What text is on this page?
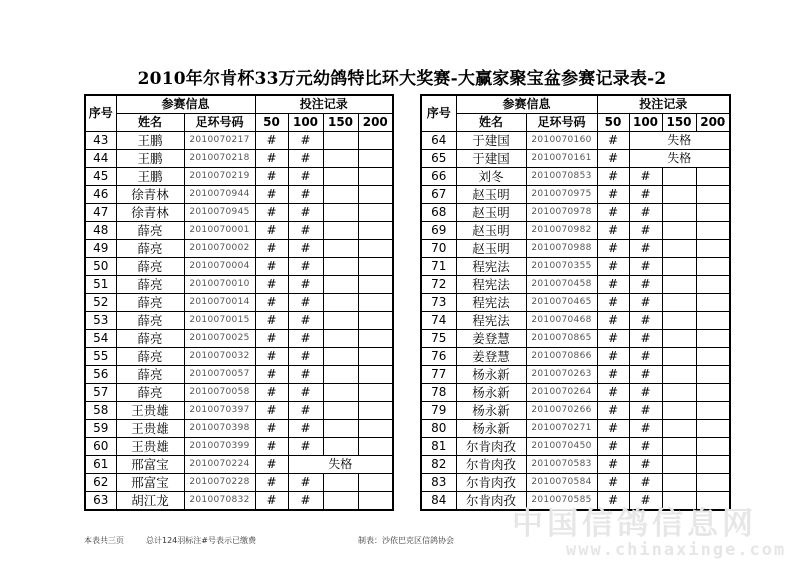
2010年尔肯杯33万元幼鸽特比环大奖赛-大赢家聚宝盆参赛记录表-2
序号	参赛信息		投注记录			
	姓名	足环号码	50	100	150	200
43	王鹏	2010070217	#	#		
44	王鹏	2010070218	#	#		
45	王鹏	2010070219	#	#		
46	徐青林	2010070944	#	#		
47	徐青林	2010070945	#	#		
48	薛亮	2010070001	#	#		
49	薛亮	2010070002	#	#		
50	薛亮	2010070004	#	#		
51	薛亮	2010070010	#	#		
52	薛亮	2010070014	#	#		
53	薛亮	2010070015	#	#		
54	薛亮	2010070025	#	#		
55	薛亮	2010070032	#	#		
56	薛亮	2010070057	#	#		
57	薛亮	2010070058	#	#		
58	王贵雄	2010070397	#	#		
59	王贵雄	2010070398	#	#		
60	王贵雄	2010070399	#	#		
61	邢富宝	2010070224	#	失格		
62	邢富宝	2010070228	#	#		
63	胡江龙	2010070832	#	#		
序号	参赛信息		投注记录			
	姓名	足环号码	50	100	150	200
64	于建国	2010070160	#	失格		
65	于建国	2010070161	#	失格		
66	刘冬	2010070853	#	#		
67	赵玉明	2010070975	#	#		
68	赵玉明	2010070978	#	#		
69	赵玉明	2010070982	#	#		
70	赵玉明	2010070988	#	#		
71	程宪法	2010070355	#	#		
72	程宪法	2010070458	#	#		
73	程宪法	2010070465	#	#		
74	程宪法	2010070468	#	#		
75	姜登慧	2010070865	#	#		
76	姜登慧	2010070866	#	#		
77	杨永新	2010070263	#	#		
78	杨永新	2010070264	#	#		
79	杨永新	2010070266	#	#		
80	杨永新	2010070271	#	#		
81	尔肯肉孜	2010070450	#	#		
82	尔肯肉孜	2010070583	#	#		
83	尔肯肉孜	2010070584	#	#		
84	尔肯肉孜	2010070585	#	#		
本表共三页	总计124羽标注#号表示已缴费	制表：沙依巴克区信鸽协会 中国信鸽信息网
www.chinaxinge.com
